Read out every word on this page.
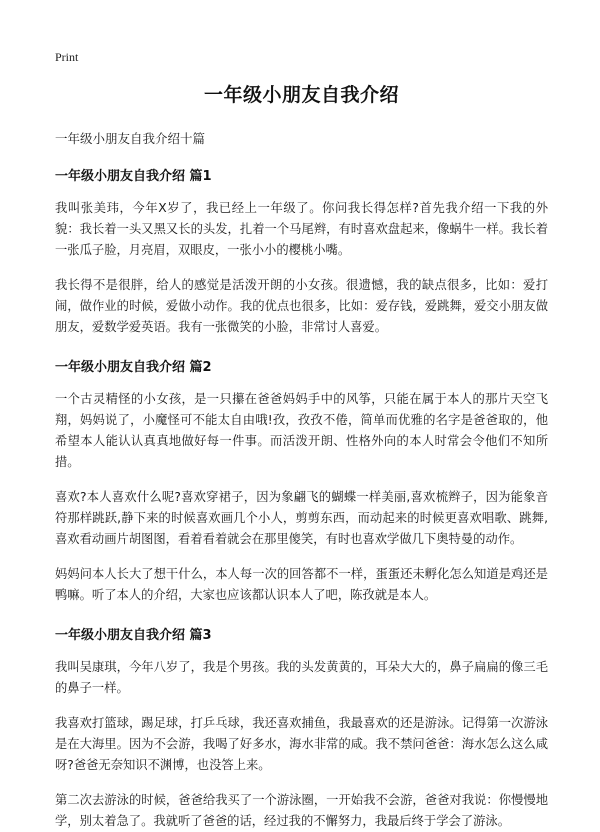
Print
一年级小朋友自我介绍
一年级小朋友自我介绍十篇
一年级小朋友自我介绍 篇1

我叫张美玮，今年X岁了，我已经上一年级了。你问我长得怎样?首先我介绍一下我的外貌：我长着一头又黑又长的头发，扎着一个马尾辫，有时喜欢盘起来，像蜗牛一样。我长着一张瓜子脸，月亮眉，双眼皮，一张小小的樱桃小嘴。

我长得不是很胖，给人的感觉是活泼开朗的小女孩。很遗憾，我的缺点很多，比如：爱打闹，做作业的时候，爱做小动作。我的优点也很多，比如：爱存钱，爱跳舞，爱交小朋友做朋友，爱数学爱英语。我有一张微笑的小脸，非常讨人喜爱。

一年级小朋友自我介绍 篇2

一个古灵精怪的小女孩，是一只攥在爸爸妈妈手中的风筝，只能在属于本人的那片天空飞翔，妈妈说了，小魔怪可不能太自由哦!孜，孜孜不倦，简单而优雅的名字是爸爸取的，他希望本人能认认真真地做好每一件事。而活泼开朗、性格外向的本人时常会令他们不知所措。

喜欢?本人喜欢什么呢?喜欢穿裙子，因为象翩飞的蝴蝶一样美丽,喜欢梳辫子，因为能象音符那样跳跃,静下来的时候喜欢画几个小人，剪剪东西，而动起来的时候更喜欢唱歌、跳舞,喜欢看动画片胡图图，看着看着就会在那里傻笑，有时也喜欢学做几下奥特曼的动作。

妈妈问本人长大了想干什么，本人每一次的回答都不一样，蛋蛋还未孵化怎么知道是鸡还是鸭嘛。听了本人的介绍，大家也应该都认识本人了吧，陈孜就是本人。

一年级小朋友自我介绍 篇3

我叫吴康琪，今年八岁了，我是个男孩。我的头发黄黄的，耳朵大大的，鼻子扁扁的像三毛的鼻子一样。

我喜欢打篮球，踢足球，打乒乓球，我还喜欢捕鱼，我最喜欢的还是游泳。记得第一次游泳是在大海里。因为不会游，我喝了好多水，海水非常的咸。我不禁问爸爸：海水怎么这么咸呀?爸爸无奈知识不渊博，也没答上来。

第二次去游泳的时候，爸爸给我买了一个游泳圈，一开始我不会游，爸爸对我说：你慢慢地学，别太着急了。我就听了爸爸的话，经过我的不懈努力，我最后终于学会了游泳。
